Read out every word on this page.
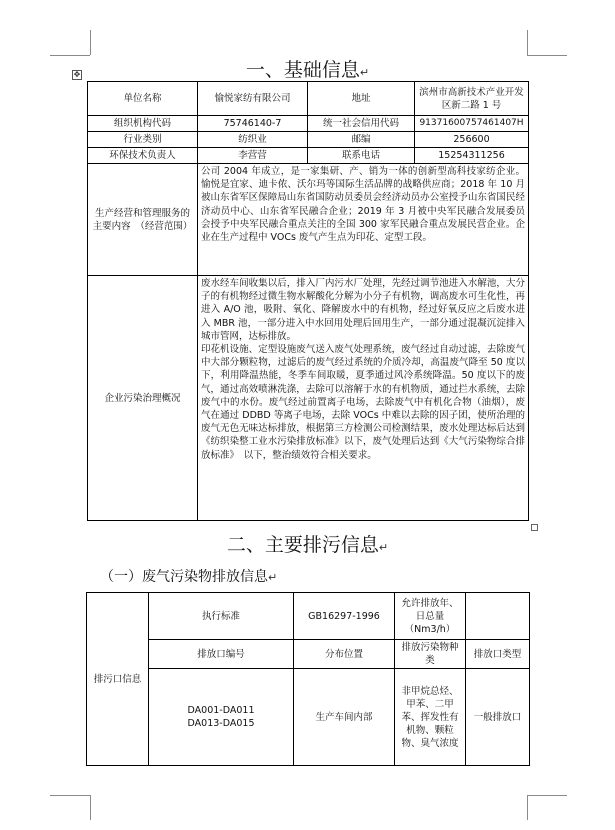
✥	一、基础信息↵
单位名称	愉悦家纺有限公司	地址	滨州市高新技术产业开发区新二路 1 号
组织机构代码	75746140-7	统一社会信用代码	91371600757461407H
行业类别	纺织业	邮编	256600
环保技术负责人	李营营	联系电话	15254311256
生产经营和管理服务的主要内容　（经营范围）	公司 2004 年成立，是一家集研、产、销为一体的创新型高科技家纺企业。愉悦是宜家、迪卡侬、沃尔玛等国际生活品牌的战略供应商；2018 年 10 月被山东省军区保障局山东省国防动员委员会经济动员办公室授予山东省国民经济动员中心、山东省军民融合企业；2019 年 3 月被中央军民融合发展委员会授予中央军民融合重点关注的全国 300 家军民融合重点发展民营企业。企业在生产过程中 VOCs 废气产生点为印花、定型工段。		
企业污染治理概况	废水经车间收集以后，排入厂内污水厂处理，先经过调节池进入水解池，大分子的有机物经过微生物水解酸化分解为小分子有机物，调高废水可生化性，再进入 A/O 池，吸附、氧化、降解废水中的有机物，经过好氧反应之后废水进入 MBR 池，一部分进入中水回用处理后回用生产，一部分通过混凝沉淀排入城市管网，达标排放。
印花机设施、定型设施废气送入废气处理系统，废气经过自动过滤，去除废气中大部分颗粒物，过滤后的废气经过系统的介质冷却，高温废气降至 50 度以下，利用降温热能，冬季车间取暖，夏季通过风冷系统降温。50 度以下的废气，通过高效喷淋洗涤，去除可以溶解于水的有机物质，通过拦水系统，去除废气中的水份。废气经过前置离子电场，去除废气中有机化合物（油烟），废气在通过 DDBD 等离子电场，去除 VOCs 中难以去除的因子团，使所治理的废气无色无味达标排放，根据第三方检测公司检测结果，废水处理达标后达到《纺织染整工业水污染排放标准》以下，废气处理后达到《大气污染物综合排放标准》　以下，整治绩效符合相关要求。		
二、主要排污信息↵
（一）废气污染物排放信息↵
排污口信息	执行标准	GB16297-1996	允许排放年、日总量（Nm3/h）	
	排放口编号	分布位置	排放污染物种类	排放口类型

	DA001-DA011
DA013-DA015	生产车间内部	非甲烷总烃、甲苯、二甲苯、挥发性有机物、颗粒物、臭气浓度	一般排放口
